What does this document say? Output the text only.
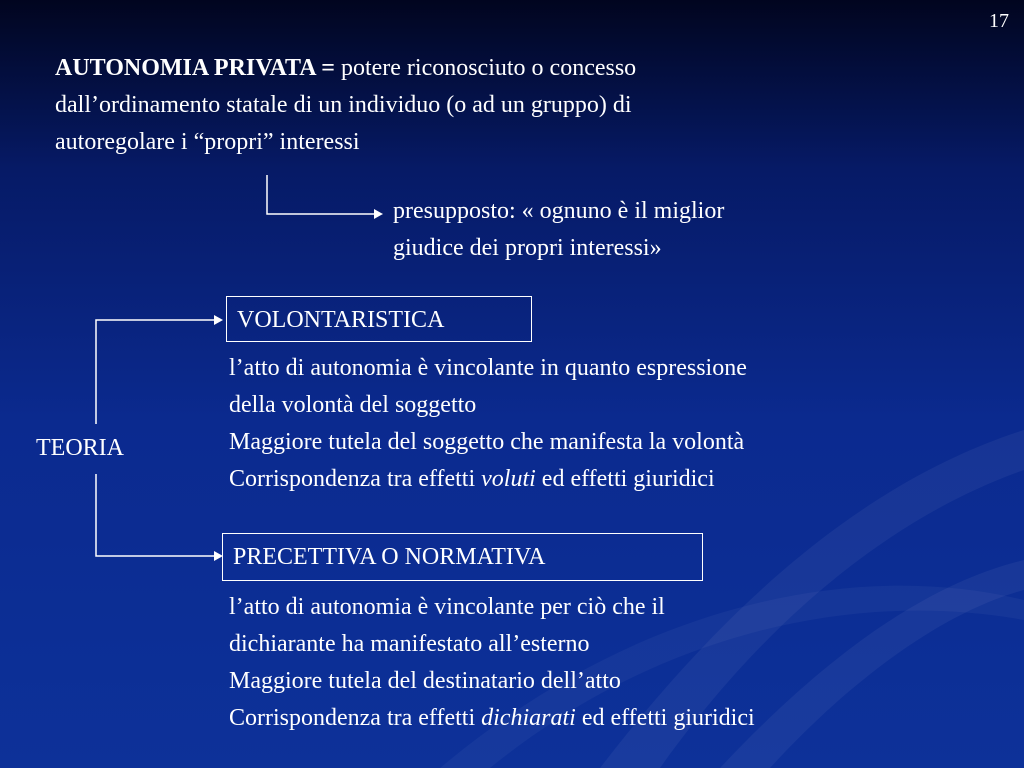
17
AUTONOMIA PRIVATA = potere riconosciuto o concesso
dall’ordinamento statale di un individuo (o ad un gruppo) di
autoregolare i “propri” interessi
presupposto: « ognuno è il miglior
giudice dei propri interessi»
TEORIA
VOLONTARISTICA
l’atto di autonomia è vincolante in quanto espressione
della volontà del soggetto
Maggiore tutela del soggetto che manifesta la volontà
Corrispondenza tra effetti voluti ed effetti giuridici
PRECETTIVA O NORMATIVA
l’atto di autonomia è vincolante per ciò che il
dichiarante ha manifestato all’esterno
Maggiore tutela del destinatario dell’atto
Corrispondenza tra effetti dichiarati ed effetti giuridici
